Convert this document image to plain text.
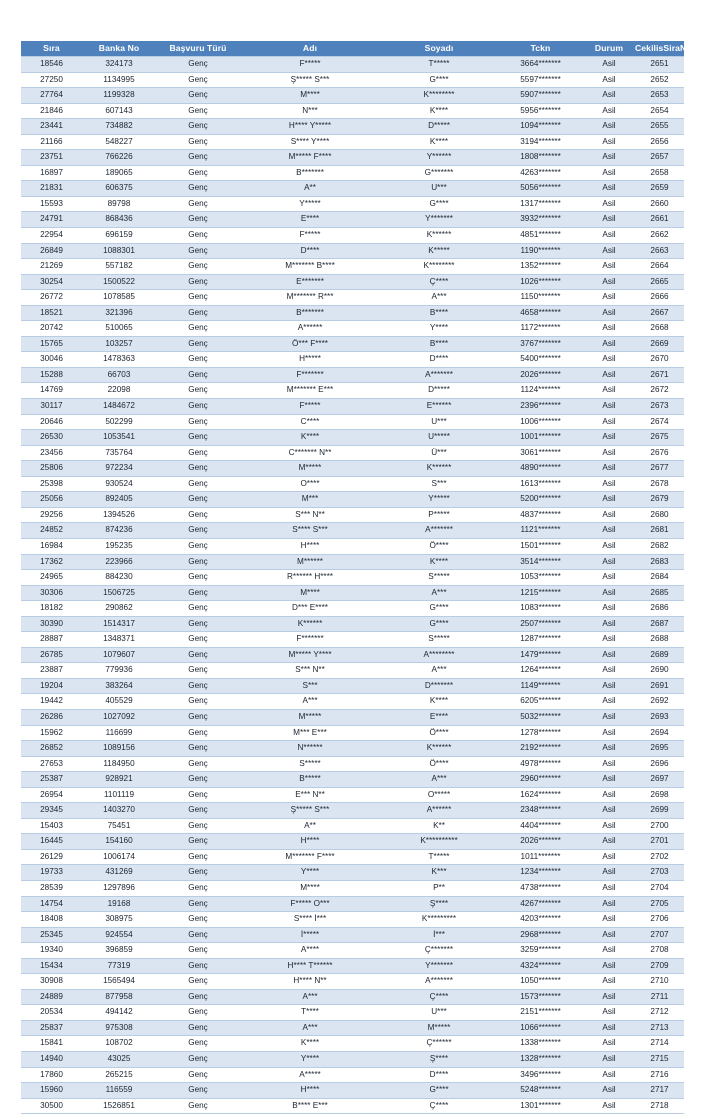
Sıra	Banka No	Başvuru Türü	Adı	Soyadı	Tckn	Durum	CekilisSiraNo
18546	324173	Genç	F*****	T*****	3664*******	Asil	2651
27250	1134995	Genç	Ş***** S***	G****	5597*******	Asil	2652
27764	1199328	Genç	M****	K********	5907*******	Asil	2653
21846	607143	Genç	N***	K****	5956*******	Asil	2654
23441	734882	Genç	H**** Y*****	D*****	1094*******	Asil	2655
21166	548227	Genç	S**** Y****	K****	3194*******	Asil	2656
23751	766226	Genç	M***** F****	Y******	1808*******	Asil	2657
16897	189065	Genç	B*******	G*******	4263*******	Asil	2658
21831	606375	Genç	A**	U***	5056*******	Asil	2659
15593	89798	Genç	Y*****	G****	1317*******	Asil	2660
24791	868436	Genç	E****	Y*******	3932*******	Asil	2661
22954	696159	Genç	F*****	K******	4851*******	Asil	2662
26849	1088301	Genç	D****	K*****	1190*******	Asil	2663
21269	557182	Genç	M******* B****	K********	1352*******	Asil	2664
30254	1500522	Genç	E*******	Ç****	1026*******	Asil	2665
26772	1078585	Genç	M******* R***	A***	1150*******	Asil	2666
18521	321396	Genç	B*******	B****	4658*******	Asil	2667
20742	510065	Genç	A******	Y****	1172*******	Asil	2668
15765	103257	Genç	Ö*** F****	B****	3767*******	Asil	2669
30046	1478363	Genç	H*****	D****	5400*******	Asil	2670
15288	66703	Genç	F*******	A*******	2026*******	Asil	2671
14769	22098	Genç	M******* E***	D*****	1124*******	Asil	2672
30117	1484672	Genç	F*****	E******	2396*******	Asil	2673
20646	502299	Genç	C****	U***	1006*******	Asil	2674
26530	1053541	Genç	K****	U*****	1001*******	Asil	2675
23456	735764	Genç	C******* N**	Ü***	3061*******	Asil	2676
25806	972234	Genç	M*****	K******	4890*******	Asil	2677
25398	930524	Genç	O****	S***	1613*******	Asil	2678
25056	892405	Genç	M***	Y*****	5200*******	Asil	2679
29256	1394526	Genç	S*** N**	P*****	4837*******	Asil	2680
24852	874236	Genç	S**** S***	A*******	1121*******	Asil	2681
16984	195235	Genç	H****	Ö****	1501*******	Asil	2682
17362	223966	Genç	M******	K****	3514*******	Asil	2683
24965	884230	Genç	R****** H****	S*****	1053*******	Asil	2684
30306	1506725	Genç	M****	A***	1215*******	Asil	2685
18182	290862	Genç	D*** E****	G****	1083*******	Asil	2686
30390	1514317	Genç	K******	G****	2507*******	Asil	2687
28887	1348371	Genç	F*******	S*****	1287*******	Asil	2688
26785	1079607	Genç	M***** Y****	A********	1479*******	Asil	2689
23887	779936	Genç	S*** N**	A***	1264*******	Asil	2690
19204	383264	Genç	S***	D*******	1149*******	Asil	2691
19442	405529	Genç	A***	K****	6205*******	Asil	2692
26286	1027092	Genç	M*****	E****	5032*******	Asil	2693
15962	116699	Genç	M*** E***	Ö****	1278*******	Asil	2694
26852	1089156	Genç	N******	K******	2192*******	Asil	2695
27653	1184950	Genç	S*****	Ö****	4978*******	Asil	2696
25387	928921	Genç	B*****	A***	2960*******	Asil	2697
26954	1101119	Genç	E*** N**	O*****	1624*******	Asil	2698
29345	1403270	Genç	Ş***** S***	A******	2348*******	Asil	2699
15403	75451	Genç	A**	K**	4404*******	Asil	2700
16445	154160	Genç	H****	K**********	2026*******	Asil	2701
26129	1006174	Genç	M******* F****	T*****	1011*******	Asil	2702
19733	431269	Genç	Y****	K***	1234*******	Asil	2703
28539	1297896	Genç	M****	P**	4738*******	Asil	2704
14754	19168	Genç	F***** O***	Ş****	4267*******	Asil	2705
18408	308975	Genç	S**** İ***	K*********	4203*******	Asil	2706
25345	924554	Genç	İ*****	İ***	2968*******	Asil	2707
19340	396859	Genç	A****	Ç*******	3259*******	Asil	2708
15434	77319	Genç	H**** T******	Y*******	4324*******	Asil	2709
30908	1565494	Genç	H**** N**	A*******	1050*******	Asil	2710
24889	877958	Genç	A***	Ç****	1573*******	Asil	2711
20534	494142	Genç	T****	U***	2151*******	Asil	2712
25837	975308	Genç	A***	M*****	1066*******	Asil	2713
15841	108702	Genç	K****	Ç******	1338*******	Asil	2714
14940	43025	Genç	Y****	Ş****	1328*******	Asil	2715
17860	265215	Genç	A*****	D****	3496*******	Asil	2716
15960	116559	Genç	H****	G****	5248*******	Asil	2717
30500	1526851	Genç	B**** E***	Ç****	1301*******	Asil	2718
